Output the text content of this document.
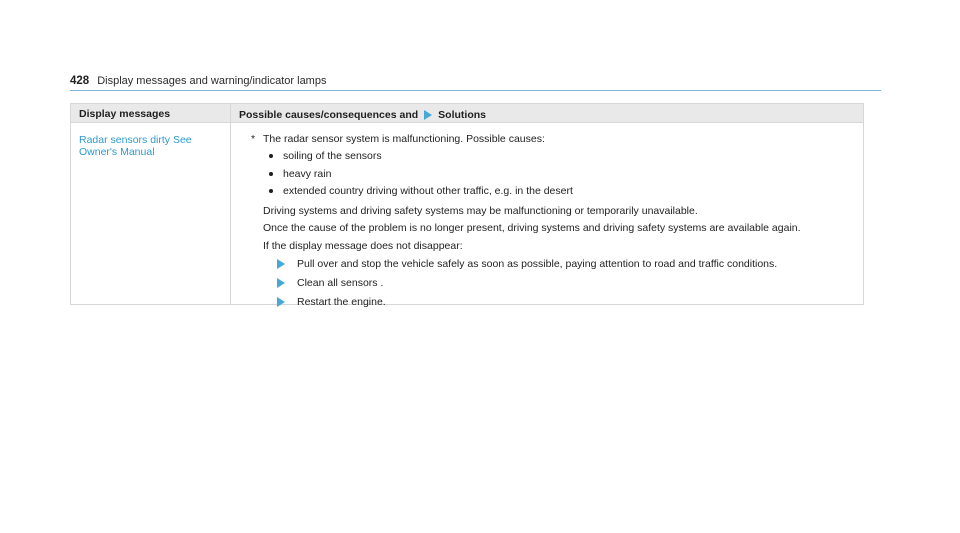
428 Display messages and warning/indicator lamps
Display messages	Possible causes/consequences and Solutions
Radar sensors dirty See
Owner's Manual
* The radar sensor system is malfunctioning. Possible causes:
soiling of the sensors
heavy rain
extended country driving without other traffic, e.g. in the desert
Driving systems and driving safety systems may be malfunctioning or temporarily unavailable.
Once the cause of the problem is no longer present, driving systems and driving safety systems are available again.
If the display message does not disappear:
Pull over and stop the vehicle safely as soon as possible, paying attention to road and traffic conditions.
Clean all sensors .
Restart the engine.
